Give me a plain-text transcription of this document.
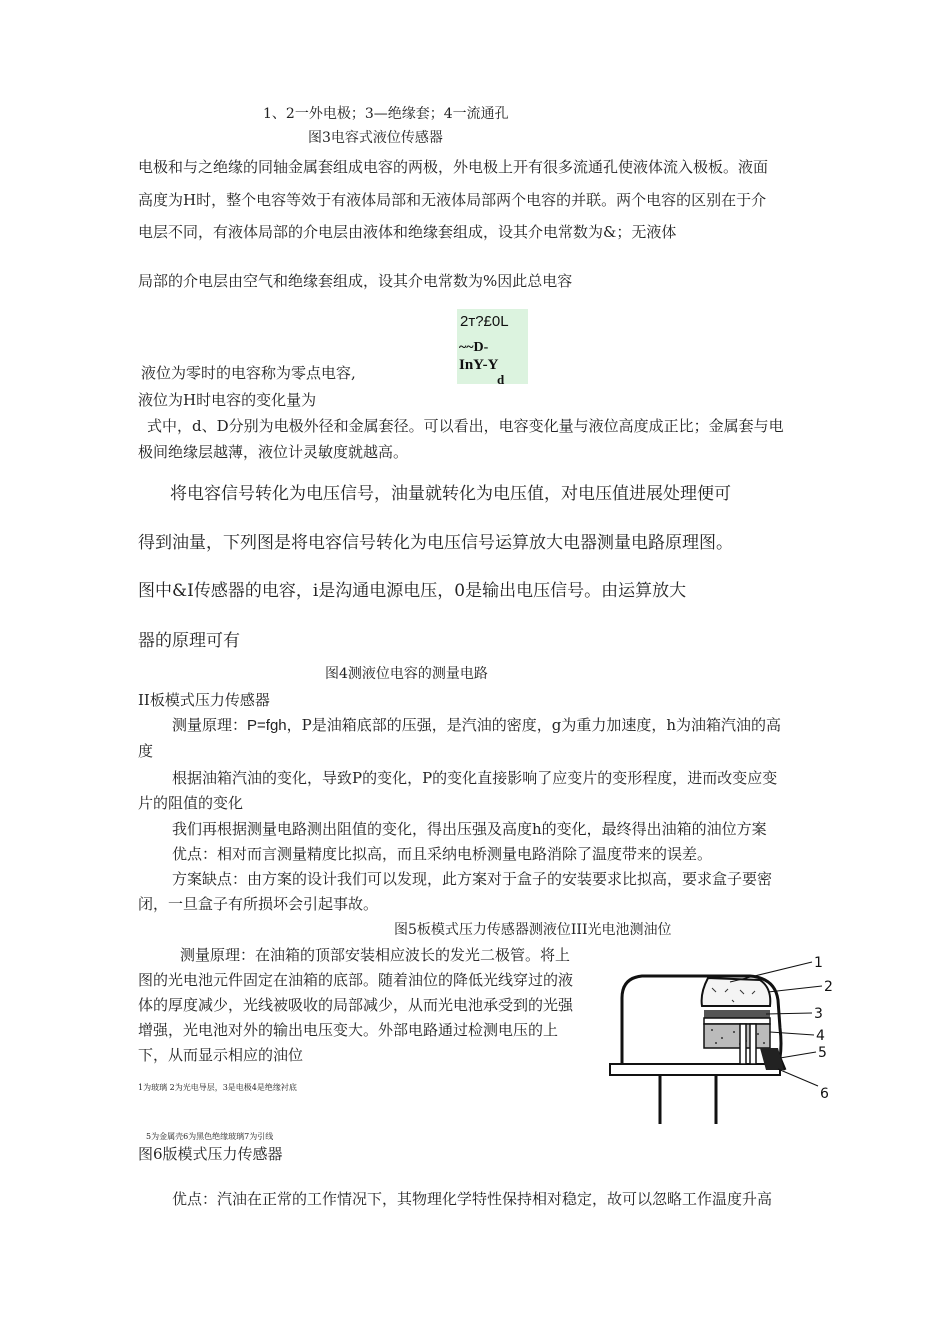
1、2一外电极；3—绝缘套；4一流通孔

图3电容式液位传感器

电极和与之绝缘的同轴金属套组成电容的两极，外电极上开有很多流通孔使液体流入极板。液面

高度为H时，整个电容等效于有液体局部和无液体局部两个电容的并联。两个电容的区别在于介

电层不同，有液体局部的介电层由液体和绝缘套组成，设其介电常数为&；无液体

局部的介电层由空气和绝缘套组成，设其介电常数为%因此总电容

2т?£0L
~~D-
InY-Y
d

液位为零时的电容称为零点电容,

液位为H时电容的变化量为

式中，d、D分别为电极外径和金属套径。可以看出，电容变化量与液位高度成正比；金属套与电

极间绝缘层越薄，液位计灵敏度就越高。

将电容信号转化为电压信号，油量就转化为电压值，对电压值进展处理便可

得到油量，下列图是将电容信号转化为电压信号运算放大电器测量电路原理图。

图中&I传感器的电容，i是沟通电源电压，0是输出电压信号。由运算放大

器的原理可有

图4测液位电容的测量电路

II板模式压力传感器

测量原理：P=fgh，P是油箱底部的压强，是汽油的密度，g为重力加速度，h为油箱汽油的高

度

根据油箱汽油的变化，导致P的变化，P的变化直接影响了应变片的变形程度，进而改变应变

片的阻值的变化

我们再根据测量电路测出阻值的变化，得出压强及高度h的变化，最终得出油箱的油位方案

优点：相对而言测量精度比拟高，而且采纳电桥测量电路消除了温度带来的误差。

方案缺点：由方案的设计我们可以发现，此方案对于盒子的安装要求比拟高，要求盒子要密

闭，一旦盒子有所损坏会引起事故。

图5板模式压力传感器测液位III光电池测油位

测量原理：在油箱的顶部安装相应波长的发光二极管。将上

图的光电池元件固定在油箱的底部。随着油位的降低光线穿过的液

体的厚度减少，光线被吸收的局部减少，从而光电池承受到的光强

增强，光电池对外的输出电压变大。外部电路通过检测电压的上

下，从而显示相应的油位

1为玻璃 2为光电导层，3是电极4是绝缘衬底

5为金属壳6为黑色绝缘玻璃7为引线

图6版模式压力传感器

优点：汽油在正常的工作情况下，其物理化学特性保持相对稳定，故可以忽略工作温度升高

1
2
3
4
5
6
